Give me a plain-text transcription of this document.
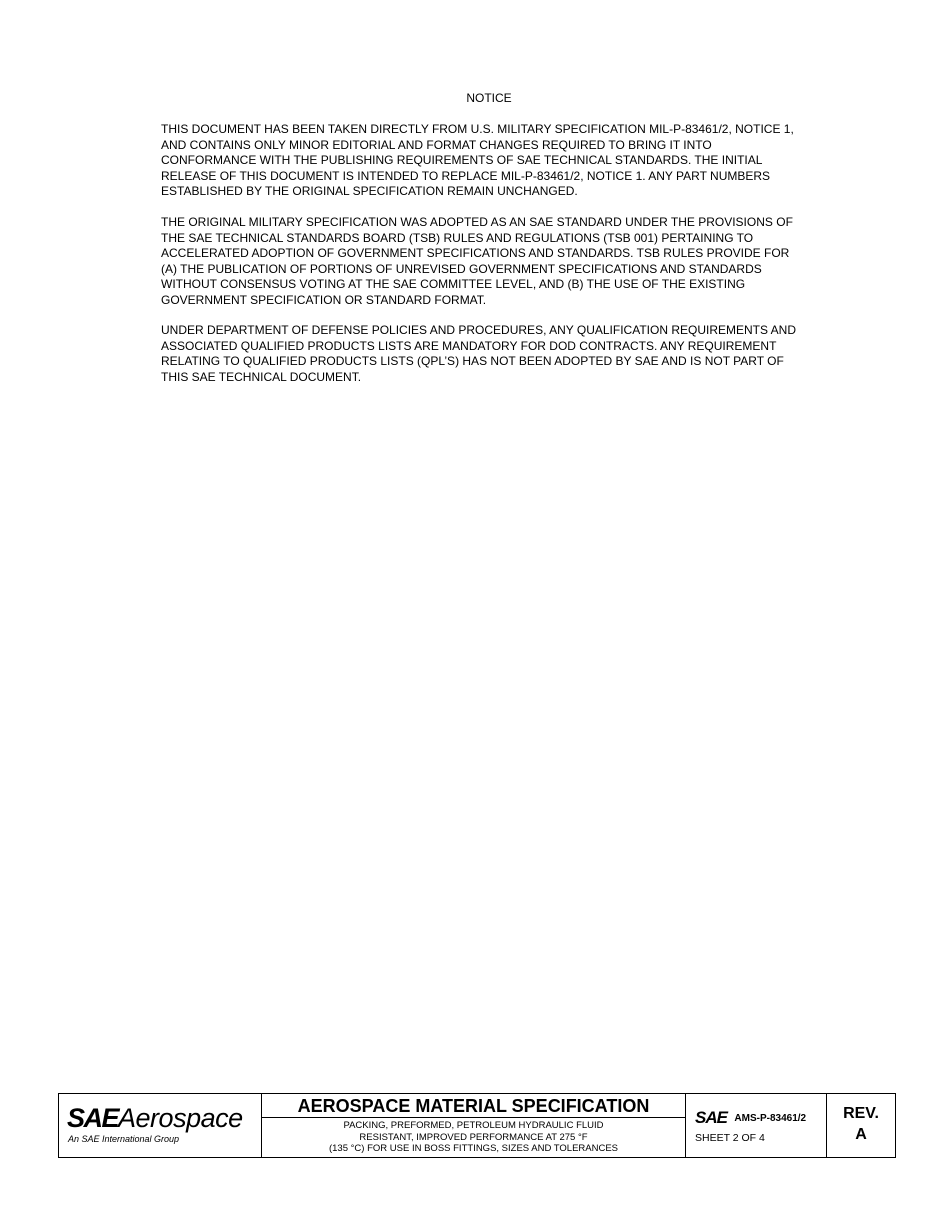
NOTICE
THIS DOCUMENT HAS BEEN TAKEN DIRECTLY FROM U.S. MILITARY SPECIFICATION MIL-P-83461/2, NOTICE 1,
AND CONTAINS ONLY MINOR EDITORIAL AND FORMAT CHANGES REQUIRED TO BRING IT INTO
CONFORMANCE WITH THE PUBLISHING REQUIREMENTS OF SAE TECHNICAL STANDARDS. THE INITIAL
RELEASE OF THIS DOCUMENT IS INTENDED TO REPLACE MIL-P-83461/2, NOTICE 1. ANY PART NUMBERS
ESTABLISHED BY THE ORIGINAL SPECIFICATION REMAIN UNCHANGED.
THE ORIGINAL MILITARY SPECIFICATION WAS ADOPTED AS AN SAE STANDARD UNDER THE PROVISIONS OF
THE SAE TECHNICAL STANDARDS BOARD (TSB) RULES AND REGULATIONS (TSB 001) PERTAINING TO
ACCELERATED ADOPTION OF GOVERNMENT SPECIFICATIONS AND STANDARDS. TSB RULES PROVIDE FOR
(A) THE PUBLICATION OF PORTIONS OF UNREVISED GOVERNMENT SPECIFICATIONS AND STANDARDS
WITHOUT CONSENSUS VOTING AT THE SAE COMMITTEE LEVEL, AND (B) THE USE OF THE EXISTING
GOVERNMENT SPECIFICATION OR STANDARD FORMAT.
UNDER DEPARTMENT OF DEFENSE POLICIES AND PROCEDURES, ANY QUALIFICATION REQUIREMENTS AND
ASSOCIATED QUALIFIED PRODUCTS LISTS ARE MANDATORY FOR DOD CONTRACTS. ANY REQUIREMENT
RELATING TO QUALIFIED PRODUCTS LISTS (QPL’S) HAS NOT BEEN ADOPTED BY SAE AND IS NOT PART OF
THIS SAE TECHNICAL DOCUMENT.
SAEAerospace
An SAE International Group
AEROSPACE MATERIAL SPECIFICATION
PACKING, PREFORMED, PETROLEUM HYDRAULIC FLUID
RESISTANT, IMPROVED PERFORMANCE AT 275 °F
(135 °C) FOR USE IN BOSS FITTINGS, SIZES AND TOLERANCES
SAE AMS-P-83461/2
SHEET 2 OF 4
REV.
A
